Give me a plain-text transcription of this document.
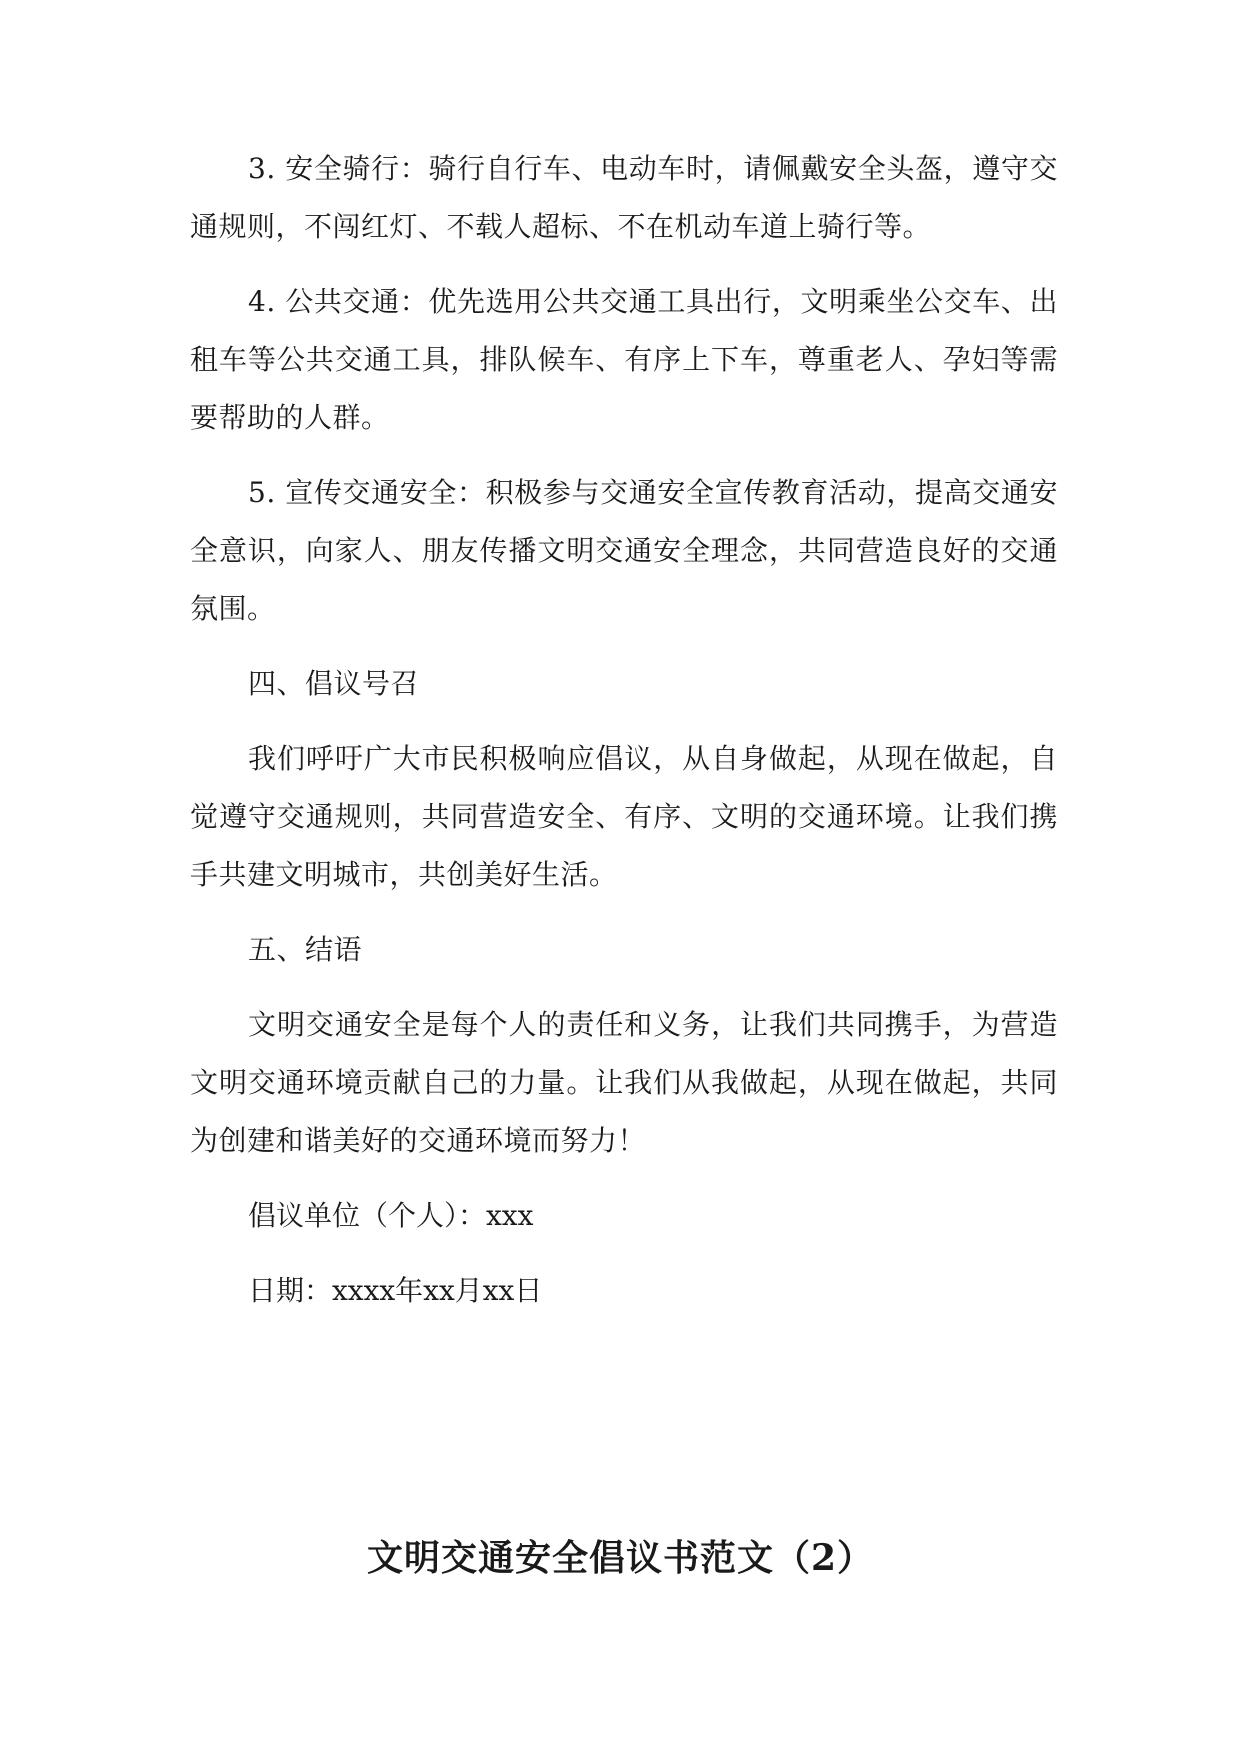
3. 安全骑行：骑行自行车、电动车时，请佩戴安全头盔，遵守交通规则，不闯红灯、不载人超标、不在机动车道上骑行等。

4. 公共交通：优先选用公共交通工具出行，文明乘坐公交车、出租车等公共交通工具，排队候车、有序上下车，尊重老人、孕妇等需要帮助的人群。

5. 宣传交通安全：积极参与交通安全宣传教育活动，提高交通安全意识，向家人、朋友传播文明交通安全理念，共同营造良好的交通氛围。

四、倡议号召

我们呼吁广大市民积极响应倡议，从自身做起，从现在做起，自觉遵守交通规则，共同营造安全、有序、文明的交通环境。让我们携手共建文明城市，共创美好生活。

五、结语

文明交通安全是每个人的责任和义务，让我们共同携手，为营造文明交通环境贡献自己的力量。让我们从我做起，从现在做起，共同为创建和谐美好的交通环境而努力！

倡议单位（个人）：xxx

日期：xxxx年xx月xx日

文明交通安全倡议书范文（2）
